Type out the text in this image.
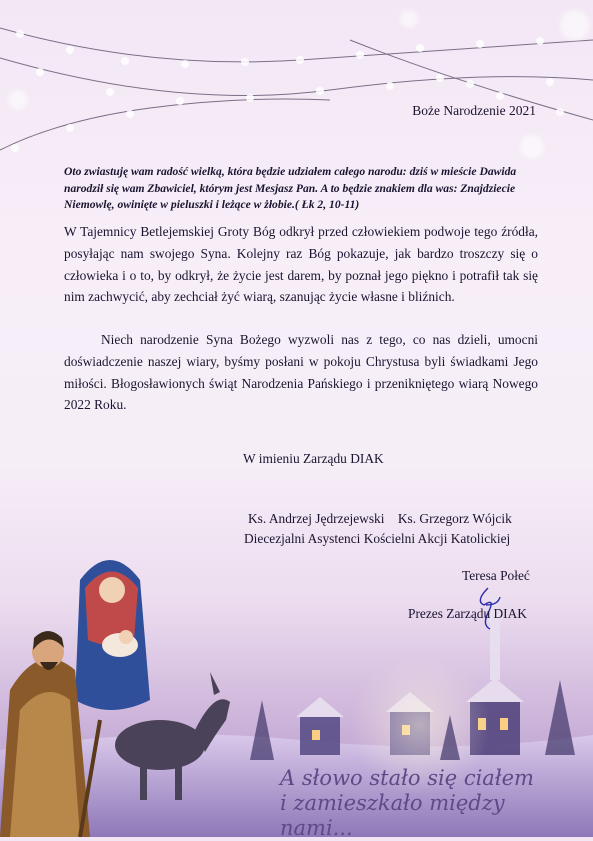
Boże Narodzenie 2021
Oto zwiastuję wam radość wielką, która będzie udziałem całego narodu: dziś w mieście Dawida narodził się wam Zbawiciel, którym jest Mesjasz Pan. A to będzie znakiem dla was: Znajdziecie Niemowlę, owinięte w pieluszki i leżące w żłobie.( Łk 2, 10-11)

W Tajemnicy Betlejemskiej Groty Bóg odkrył przed człowiekiem podwoje tego źródła, posyłając nam swojego Syna. Kolejny raz Bóg pokazuje, jak bardzo troszczy się o człowieka i o to, by odkrył, że życie jest darem, by poznał jego piękno i potrafił tak się nim zachwycić, aby zechciał żyć wiarą, szanując życie własne i bliźnich.

Niech narodzenie Syna Bożego wyzwoli nas z tego, co nas dzieli, umocni doświadczenie naszej wiary, byśmy posłani w pokoju Chrystusa byli świadkami Jego miłości. Błogosławionych świąt Narodzenia Pańskiego i przenikniętego wiarą Nowego 2022 Roku.

W imieniu Zarządu DIAK
Ks. Andrzej Jędrzejewski    Ks. Grzegorz Wójcik
Diecezjalni Asystenci Kościelni Akcji Katolickiej
Teresa Połeć
Prezes Zarządu DIAK
A słowo stało się ciałem
i zamieszkało między nami...
